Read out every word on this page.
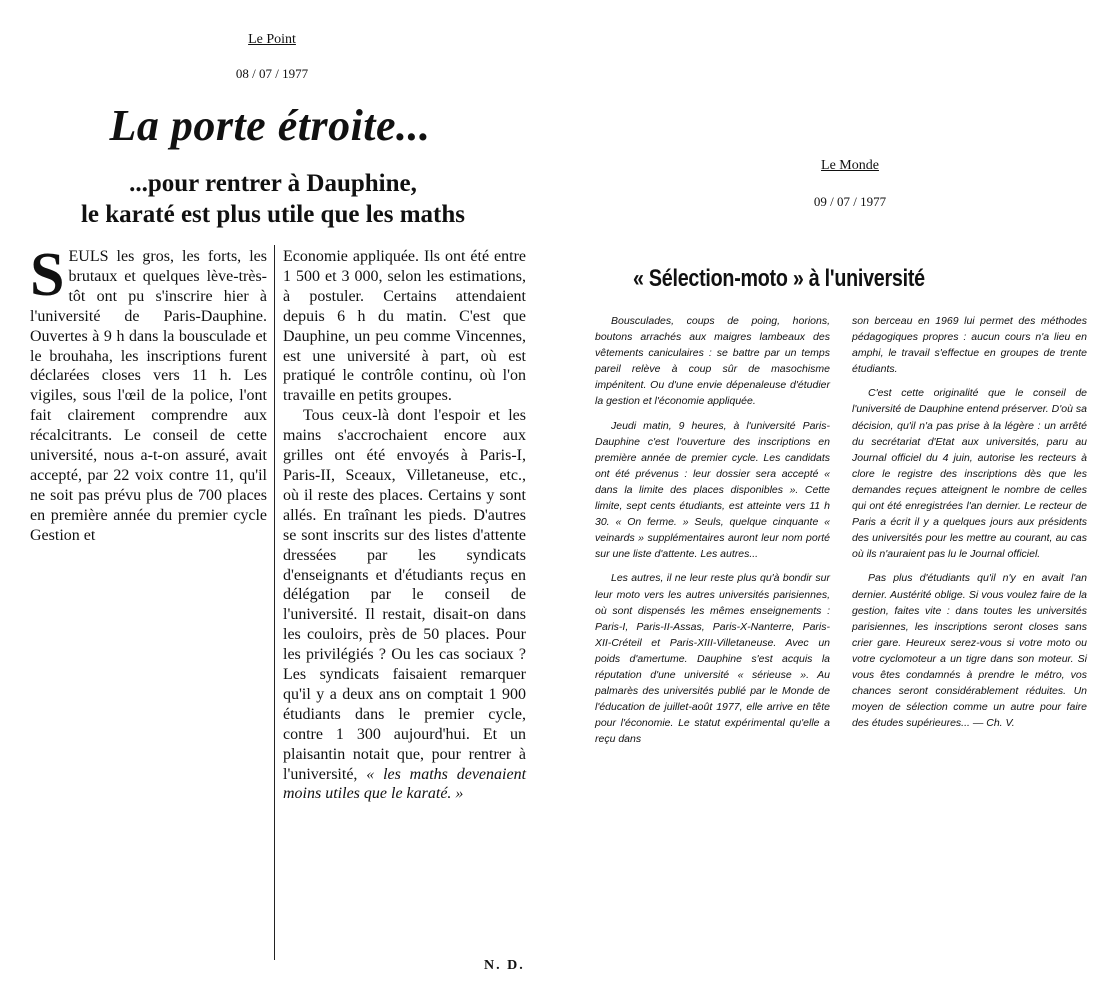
Le Point
08 / 07 / 1977
La porte étroite...
...pour rentrer à Dauphine,
le karaté est plus utile que les maths
S EULS les gros, les forts, les brutaux et quelques lève-très-tôt ont pu s'inscrire hier à l'université de Paris-Dauphine. Ouvertes à 9 h dans la bousculade et le brouhaha, les inscriptions furent déclarées closes vers 11 h. Les vigiles, sous l'œil de la police, l'ont fait clairement comprendre aux récalcitrants. Le conseil de cette université, nous a-t-on assuré, avait accepté, par 22 voix contre 11, qu'il ne soit pas prévu plus de 700 places en première année du premier cycle Gestion et

Economie appliquée. Ils ont été entre 1 500 et 3 000, selon les estimations, à postuler. Certains attendaient depuis 6 h du matin. C'est que Dauphine, un peu comme Vincennes, est une université à part, où est pratiqué le contrôle continu, où l'on travaille en petits groupes.

Tous ceux-là dont l'espoir et les mains s'accrochaient encore aux grilles ont été envoyés à Paris-I, Paris-II, Sceaux, Villetaneuse, etc., où il reste des places. Certains y sont allés. En traînant les pieds. D'autres se sont inscrits sur des listes d'attente dressées par les syndicats d'enseignants et d'étudiants reçus en délégation par le conseil de l'université. Il restait, disait-on dans les couloirs, près de 50 places. Pour les privilégiés ? Ou les cas sociaux ? Les syndicats faisaient remarquer qu'il y a deux ans on comptait 1 900 étudiants dans le premier cycle, contre 1 300 aujourd'hui. Et un plaisantin notait que, pour rentrer à l'université, « les maths devenaient moins utiles que le karaté. »

N. D.
Le Monde
09 / 07 / 1977
« Sélection-moto » à l'université

Bousculades, coups de poing, horions, boutons arrachés aux maigres lambeaux des vêtements caniculaires : se battre par un temps pareil relève à coup sûr de masochisme impénitent. Ou d'une envie dépenaleuse d'étudier la gestion et l'économie appliquée.

Jeudi matin, 9 heures, à l'université Paris-Dauphine c'est l'ouverture des inscriptions en première année de premier cycle. Les candidats ont été prévenus : leur dossier sera accepté « dans la limite des places disponibles ». Cette limite, sept cents étudiants, est atteinte vers 11 h 30. « On ferme. » Seuls, quelque cinquante « veinards » supplémentaires auront leur nom porté sur une liste d'attente. Les autres...

Les autres, il ne leur reste plus qu'à bondir sur leur moto vers les autres universités parisiennes, où sont dispensés les mêmes enseignements : Paris-I, Paris-II-Assas, Paris-X-Nanterre, Paris-XII-Créteil et Paris-XIII-Villetaneuse. Avec un poids d'amertume. Dauphine s'est acquis la réputation d'une université « sérieuse ». Au palmarès des universités publié par le Monde de l'éducation de juillet-août 1977, elle arrive en tête pour l'économie. Le statut expérimental qu'elle a reçu dans

son berceau en 1969 lui permet des méthodes pédagogiques propres : aucun cours n'a lieu en amphi, le travail s'effectue en groupes de trente étudiants.

C'est cette originalité que le conseil de l'université de Dauphine entend préserver. D'où sa décision, qu'il n'a pas prise à la légère : un arrêté du secrétariat d'Etat aux universités, paru au Journal officiel du 4 juin, autorise les recteurs à clore le registre des inscriptions dès que les demandes reçues atteignent le nombre de celles qui ont été enregistrées l'an dernier. Le recteur de Paris a écrit il y a quelques jours aux présidents des universités pour les mettre au courant, au cas où ils n'auraient pas lu le Journal officiel.

Pas plus d'étudiants qu'il n'y en avait l'an dernier. Austérité oblige. Si vous voulez faire de la gestion, faites vite : dans toutes les universités parisiennes, les inscriptions seront closes sans crier gare. Heureux serez-vous si votre moto ou votre cyclomoteur a un tigre dans son moteur. Si vous êtes condamnés à prendre le métro, vos chances seront considérablement réduites. Un moyen de sélection comme un autre pour faire des études supérieures... — Ch. V.
